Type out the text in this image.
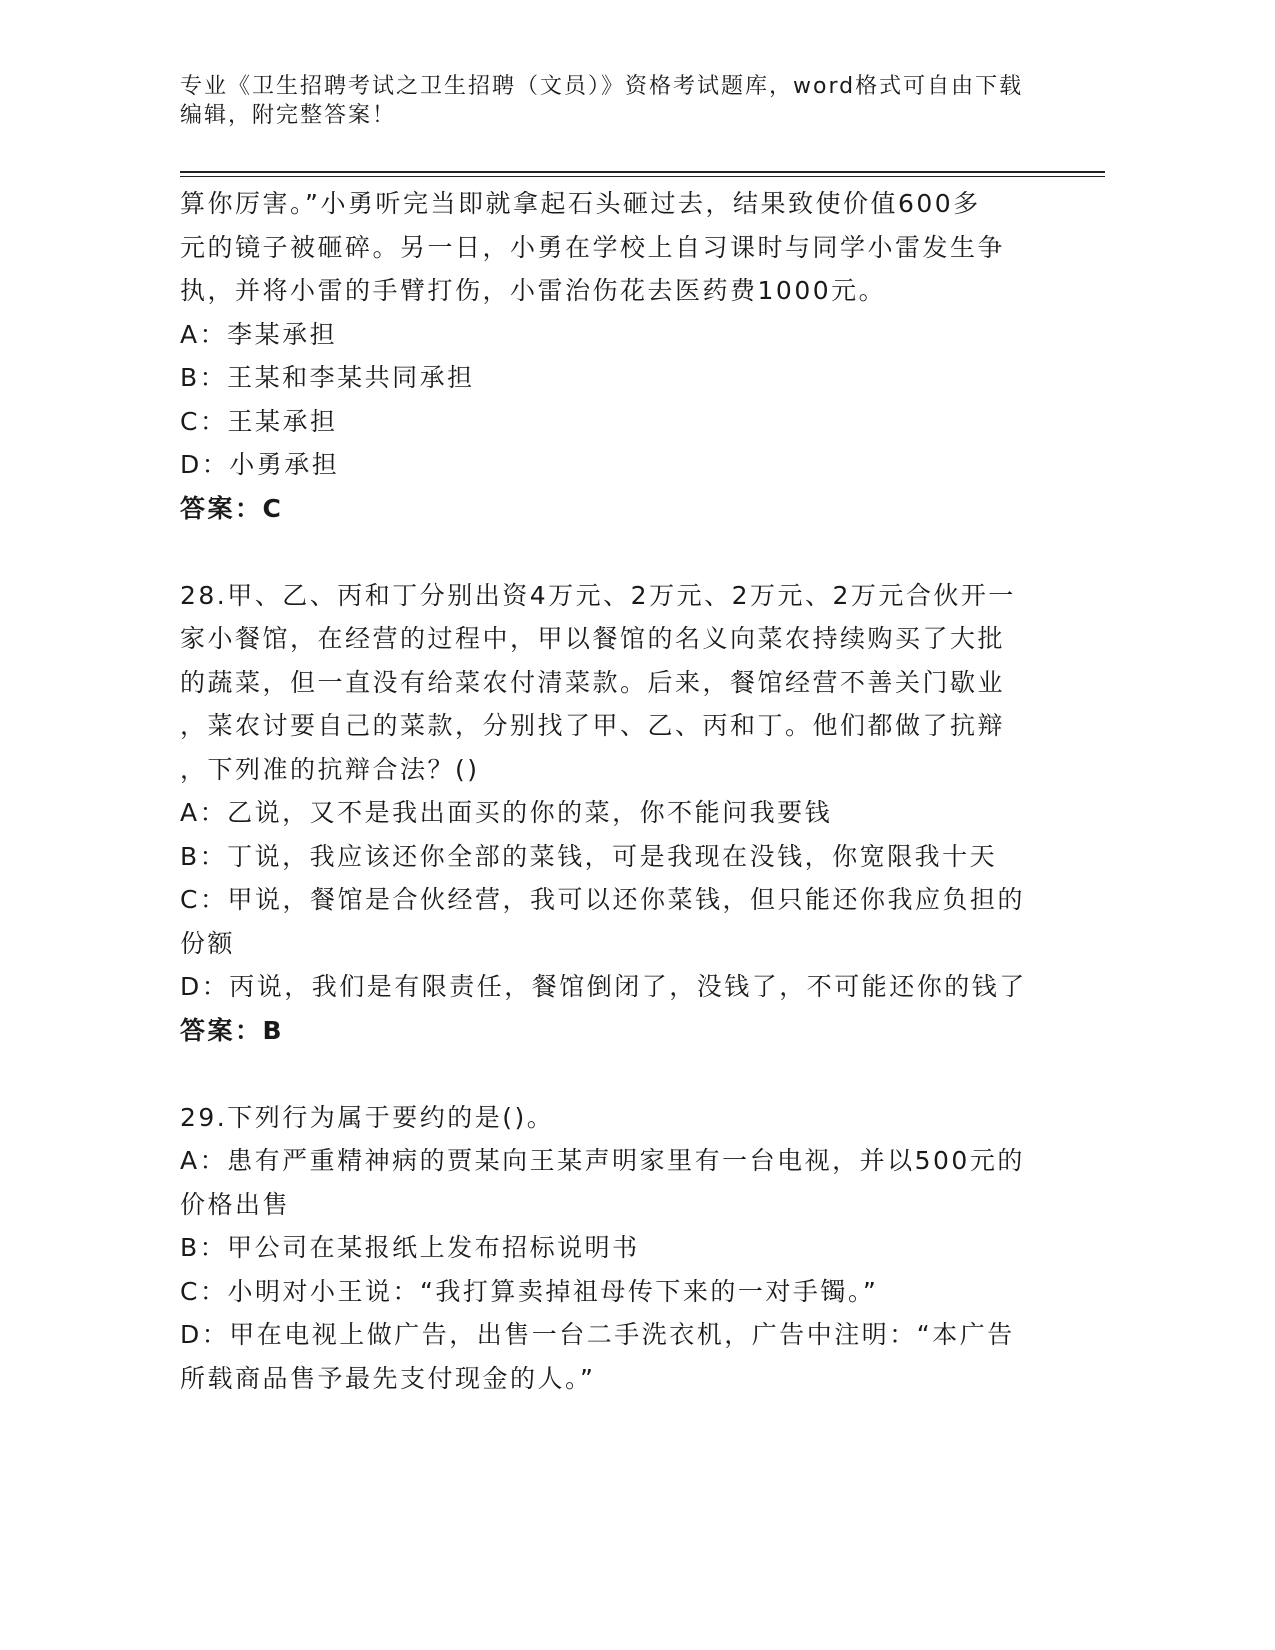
专业《卫生招聘考试之卫生招聘（文员）》资格考试题库，word格式可自由下载
编辑，附完整答案！
算你厉害。”小勇听完当即就拿起石头砸过去，结果致使价值600多
元的镜子被砸碎。另一日，小勇在学校上自习课时与同学小雷发生争
执，并将小雷的手臂打伤，小雷治伤花去医药费1000元。
A：李某承担
B：王某和李某共同承担
C：王某承担
D：小勇承担
答案：C
28.甲、乙、丙和丁分别出资4万元、2万元、2万元、2万元合伙开一
家小餐馆，在经营的过程中，甲以餐馆的名义向菜农持续购买了大批
的蔬菜，但一直没有给菜农付清菜款。后来，餐馆经营不善关门歇业
，菜农讨要自己的菜款，分别找了甲、乙、丙和丁。他们都做了抗辩
，下列准的抗辩合法？()
A：乙说，又不是我出面买的你的菜，你不能问我要钱
B：丁说，我应该还你全部的菜钱，可是我现在没钱，你宽限我十天
C：甲说，餐馆是合伙经营，我可以还你菜钱，但只能还你我应负担的
份额
D：丙说，我们是有限责任，餐馆倒闭了，没钱了，不可能还你的钱了
答案：B
29.下列行为属于要约的是()。
A：患有严重精神病的贾某向王某声明家里有一台电视，并以500元的
价格出售
B：甲公司在某报纸上发布招标说明书
C：小明对小王说：“我打算卖掉祖母传下来的一对手镯。”
D：甲在电视上做广告，出售一台二手洗衣机，广告中注明：“本广告
所载商品售予最先支付现金的人。”
